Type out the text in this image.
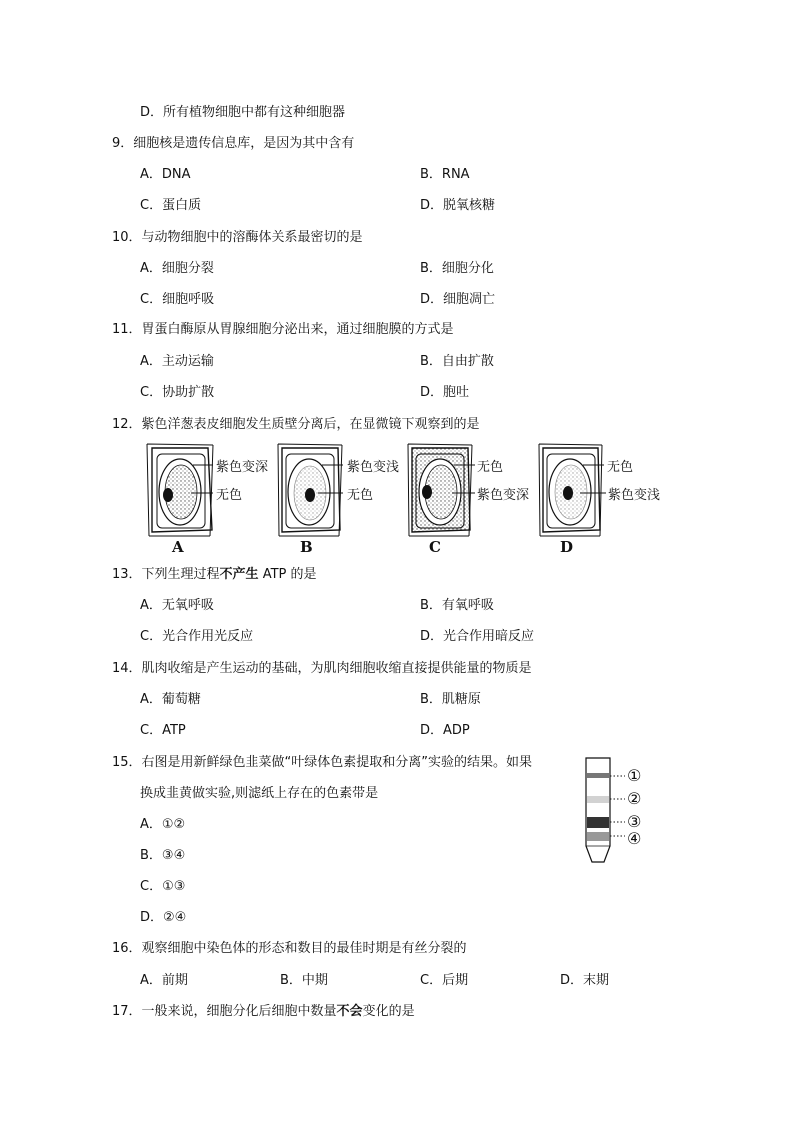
D．所有植物细胞中都有这种细胞器
9．细胞核是遗传信息库，是因为其中含有
A．DNA	B．RNA
C．蛋白质	D．脱氧核糖
10．与动物细胞中的溶酶体关系最密切的是
A．细胞分裂	B．细胞分化
C．细胞呼吸	D．细胞凋亡
11．胃蛋白酶原从胃腺细胞分泌出来，通过细胞膜的方式是
A．主动运输	B．自由扩散
C．协助扩散	D．胞吐
12．紫色洋葱表皮细胞发生质壁分离后，在显微镜下观察到的是
紫色变深
无色
紫色变浅
无色
无色
紫色变深
无色
紫色变浅
A	B	C	D
13．下列生理过程不产生 ATP 的是
A．无氧呼吸	B．有氧呼吸
C．光合作用光反应	D．光合作用暗反应
14．肌肉收缩是产生运动的基础，为肌肉细胞收缩直接提供能量的物质是
A．葡萄糖	B．肌糖原
C．ATP	D．ADP
15．右图是用新鲜绿色韭菜做“叶绿体色素提取和分离”实验的结果。如果
换成韭黄做实验,则滤纸上存在的色素带是
A．①②
B．③④
C．①③
D．②④
①
②
③
④
16．观察细胞中染色体的形态和数目的最佳时期是有丝分裂的
A．前期	B．中期	C．后期	D．末期
17．一般来说，细胞分化后细胞中数量不会变化的是
